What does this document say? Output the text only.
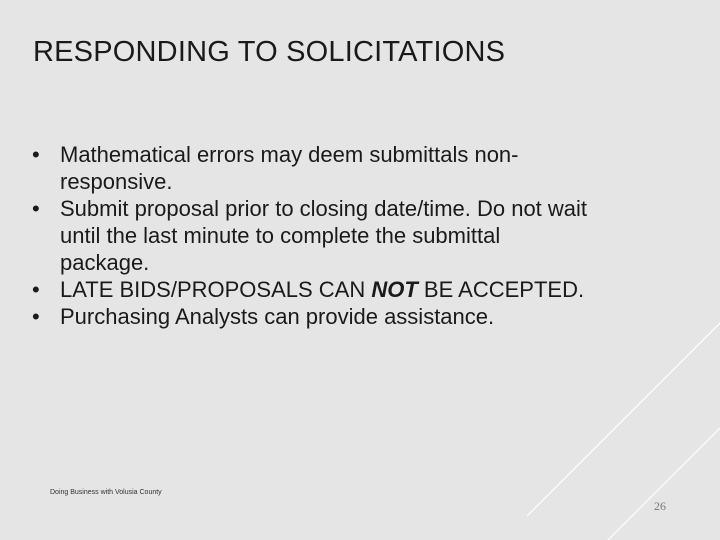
RESPONDING TO SOLICITATIONS
• Mathematical errors may deem submittals non-responsive.
• Submit proposal prior to closing date/time. Do not wait until the last minute to complete the submittal package.
• LATE BIDS/PROPOSALS CAN NOT BE ACCEPTED.
• Purchasing Analysts can provide assistance.
Doing Business with Volusia County
26
